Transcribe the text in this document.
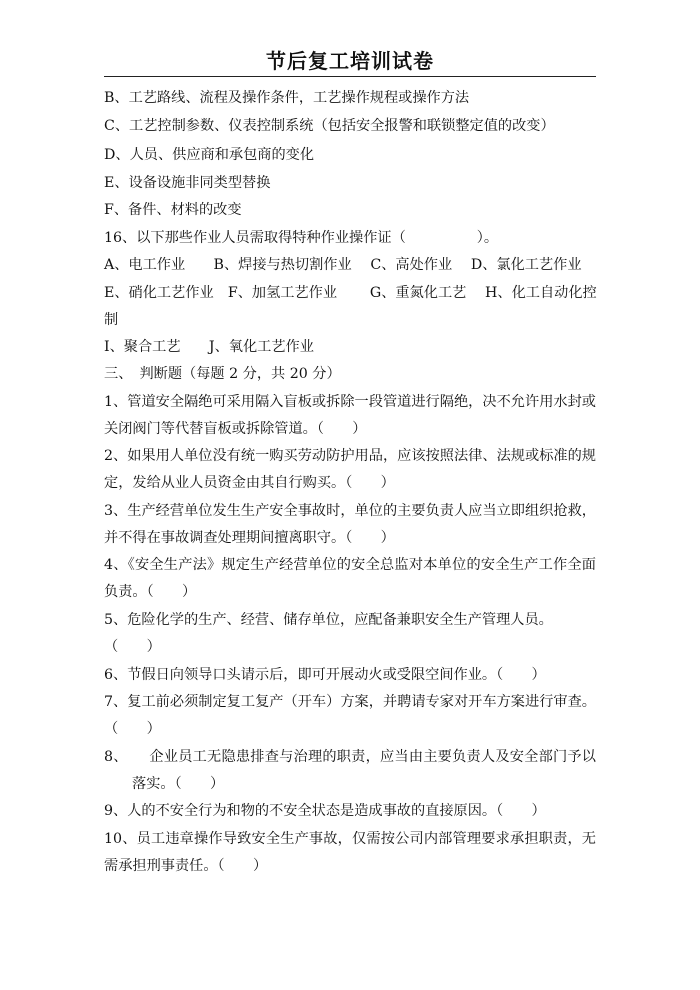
节后复工培训试卷
B、工艺路线、流程及操作条件，工艺操作规程或操作方法
C、工艺控制参数、仪表控制系统（包括安全报警和联锁整定值的改变）
D、人员、供应商和承包商的变化
E、设备设施非同类型替换
F、备件、材料的改变
16、以下那些作业人员需取得特种作业操作证（　　　　　）。
A、电工作业　　B、焊接与热切割作业　 C、高处作业　 D、氯化工艺作业
E、硝化工艺作业　F、加氢工艺作业　　 G、重氮化工艺　 H、化工自动化控
制
I、聚合工艺　　J、氧化工艺作业
三、　判断题（每题 2 分，共 20 分）
1、管道安全隔绝可采用隔入盲板或拆除一段管道进行隔绝，决不允许用水封或
关闭阀门等代替盲板或拆除管道。（　　）
2、如果用人单位没有统一购买劳动防护用品，应该按照法律、法规或标准的规
定，发给从业人员资金由其自行购买。（　　）
3、生产经营单位发生生产安全事故时，单位的主要负责人应当立即组织抢救，
并不得在事故调查处理期间擅离职守。（　　）
4、《安全生产法》规定生产经营单位的安全总监对本单位的安全生产工作全面
负责。（　　）
5、危险化学的生产、经营、储存单位，应配备兼职安全生产管理人员。
（　　）
6、节假日向领导口头请示后，即可开展动火或受限空间作业。（　　）
7、复工前必须制定复工复产（开车）方案，并聘请专家对开车方案进行审查。
（　　）
8、　　企业员工无隐患排查与治理的职责，应当由主要负责人及安全部门予以
落实。（　　）
9、人的不安全行为和物的不安全状态是造成事故的直接原因。（　　）
10、员工违章操作导致安全生产事故，仅需按公司内部管理要求承担职责，无
需承担刑事责任。（　　）
